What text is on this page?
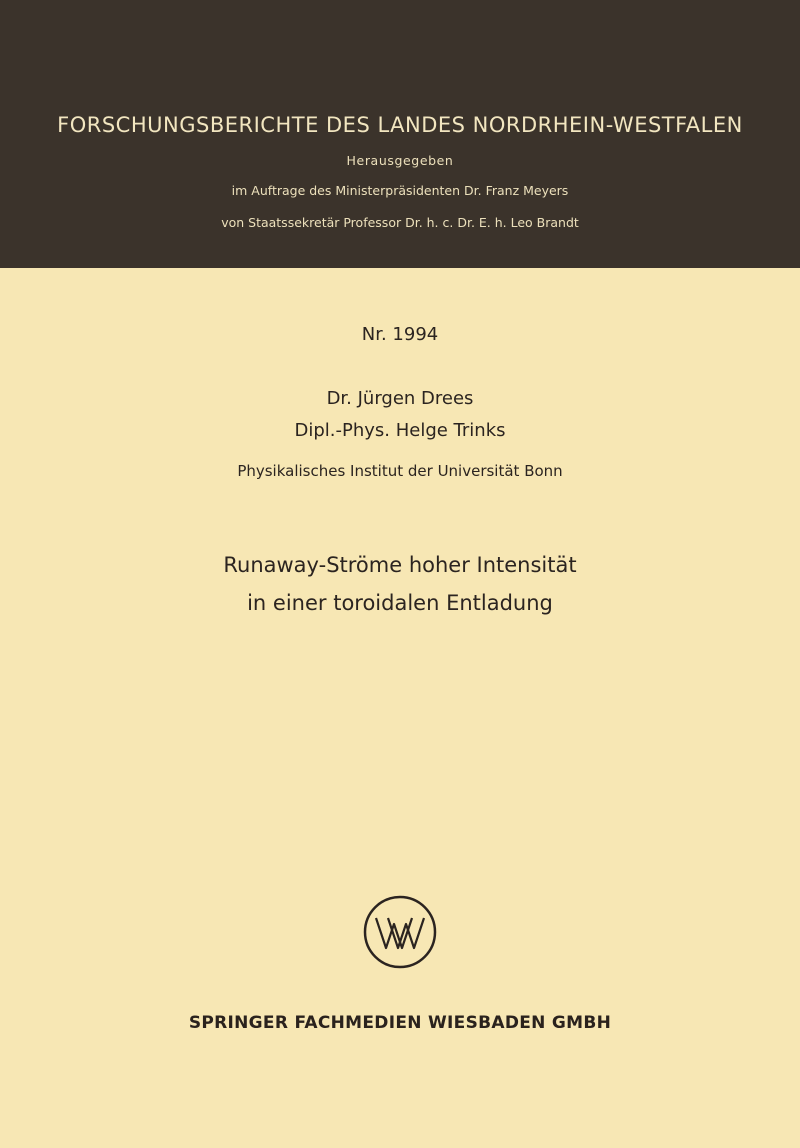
FORSCHUNGSBERICHTE DES LANDES NORDRHEIN-WESTFALEN
Herausgegeben
im Auftrage des Ministerpräsidenten Dr. Franz Meyers
von Staatssekretär Professor Dr. h. c. Dr. E. h. Leo Brandt
Nr. 1994
Dr. Jürgen Drees
Dipl.-Phys. Helge Trinks
Physikalisches Institut der Universität Bonn
Runaway-Ströme hoher Intensität
in einer toroidalen Entladung
SPRINGER FACHMEDIEN WIESBADEN GMBH
